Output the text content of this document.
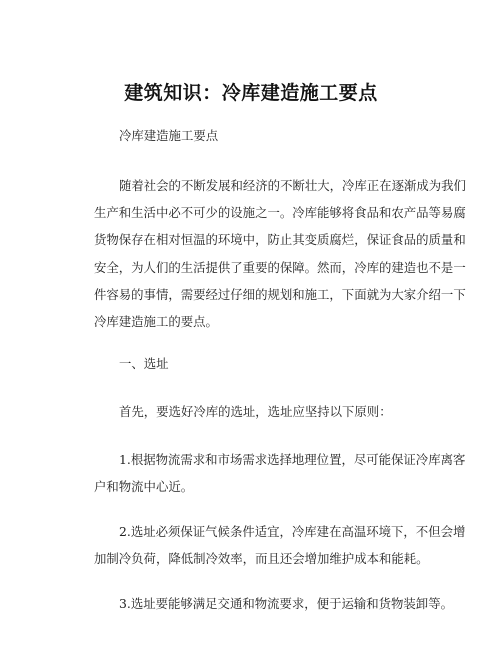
建筑知识：冷库建造施工要点
冷库建造施工要点
随着社会的不断发展和经济的不断壮大，冷库正在逐渐成为我们
生产和生活中必不可少的设施之一。冷库能够将食品和农产品等易腐
货物保存在相对恒温的环境中，防止其变质腐烂，保证食品的质量和
安全，为人们的生活提供了重要的保障。然而，冷库的建造也不是一
件容易的事情，需要经过仔细的规划和施工，下面就为大家介绍一下
冷库建造施工的要点。
一、选址
首先，要选好冷库的选址，选址应坚持以下原则：
1.根据物流需求和市场需求选择地理位置，尽可能保证冷库离客
户和物流中心近。
2.选址必须保证气候条件适宜，冷库建在高温环境下，不但会增
加制冷负荷，降低制冷效率，而且还会增加维护成本和能耗。
3.选址要能够满足交通和物流要求，便于运输和货物装卸等。
